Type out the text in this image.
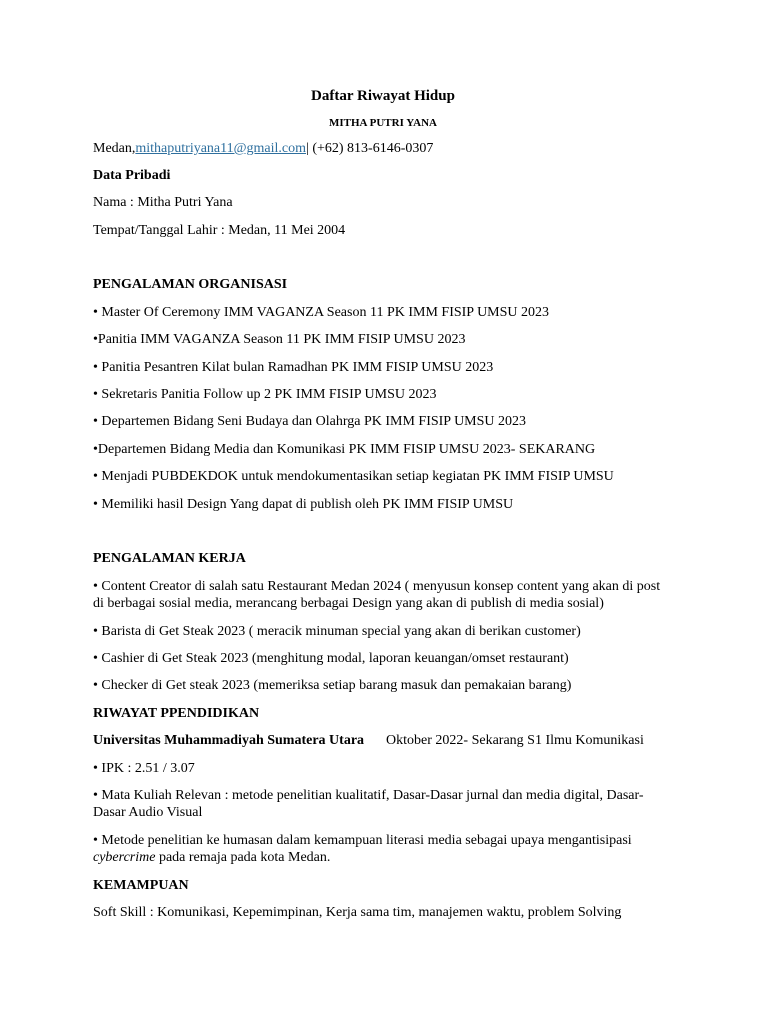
Daftar Riwayat Hidup
MITHA PUTRI YANA
Medan,mithaputriyana11@gmail.com| (+62) 813-6146-0307
Data Pribadi
Nama : Mitha Putri Yana
Tempat/Tanggal Lahir : Medan, 11 Mei 2004
PENGALAMAN ORGANISASI
• Master Of Ceremony IMM VAGANZA Season 11 PK IMM FISIP UMSU 2023
•Panitia IMM VAGANZA Season 11 PK IMM FISIP UMSU 2023
• Panitia Pesantren Kilat bulan Ramadhan PK IMM FISIP UMSU 2023
• Sekretaris Panitia Follow up 2 PK IMM FISIP UMSU 2023
• Departemen Bidang Seni Budaya dan Olahrga PK IMM FISIP UMSU 2023
•Departemen Bidang Media dan Komunikasi PK IMM FISIP UMSU 2023- SEKARANG
• Menjadi PUBDEKDOK untuk mendokumentasikan setiap kegiatan PK IMM FISIP UMSU
• Memiliki hasil Design Yang dapat di publish oleh PK IMM FISIP UMSU
PENGALAMAN KERJA
• Content Creator di salah satu Restaurant Medan 2024 ( menyusun konsep content yang akan di post di berbagai sosial media, merancang berbagai Design yang akan di publish di media sosial)
• Barista di Get Steak 2023 ( meracik minuman special yang akan di berikan customer)
• Cashier di Get Steak 2023 (menghitung modal, laporan keuangan/omset restaurant)
• Checker di Get steak 2023 (memeriksa setiap barang masuk dan pemakaian barang)
RIWAYAT PPENDIDIKAN
Universitas Muhammadiyah Sumatera Utara Oktober 2022- Sekarang S1 Ilmu Komunikasi
• IPK : 2.51 / 3.07
• Mata Kuliah Relevan : metode penelitian kualitatif, Dasar-Dasar jurnal dan media digital, Dasar-Dasar Audio Visual
• Metode penelitian ke humasan dalam kemampuan literasi media sebagai upaya mengantisipasi cybercrime pada remaja pada kota Medan.
KEMAMPUAN
Soft Skill : Komunikasi, Kepemimpinan, Kerja sama tim, manajemen waktu, problem Solving
